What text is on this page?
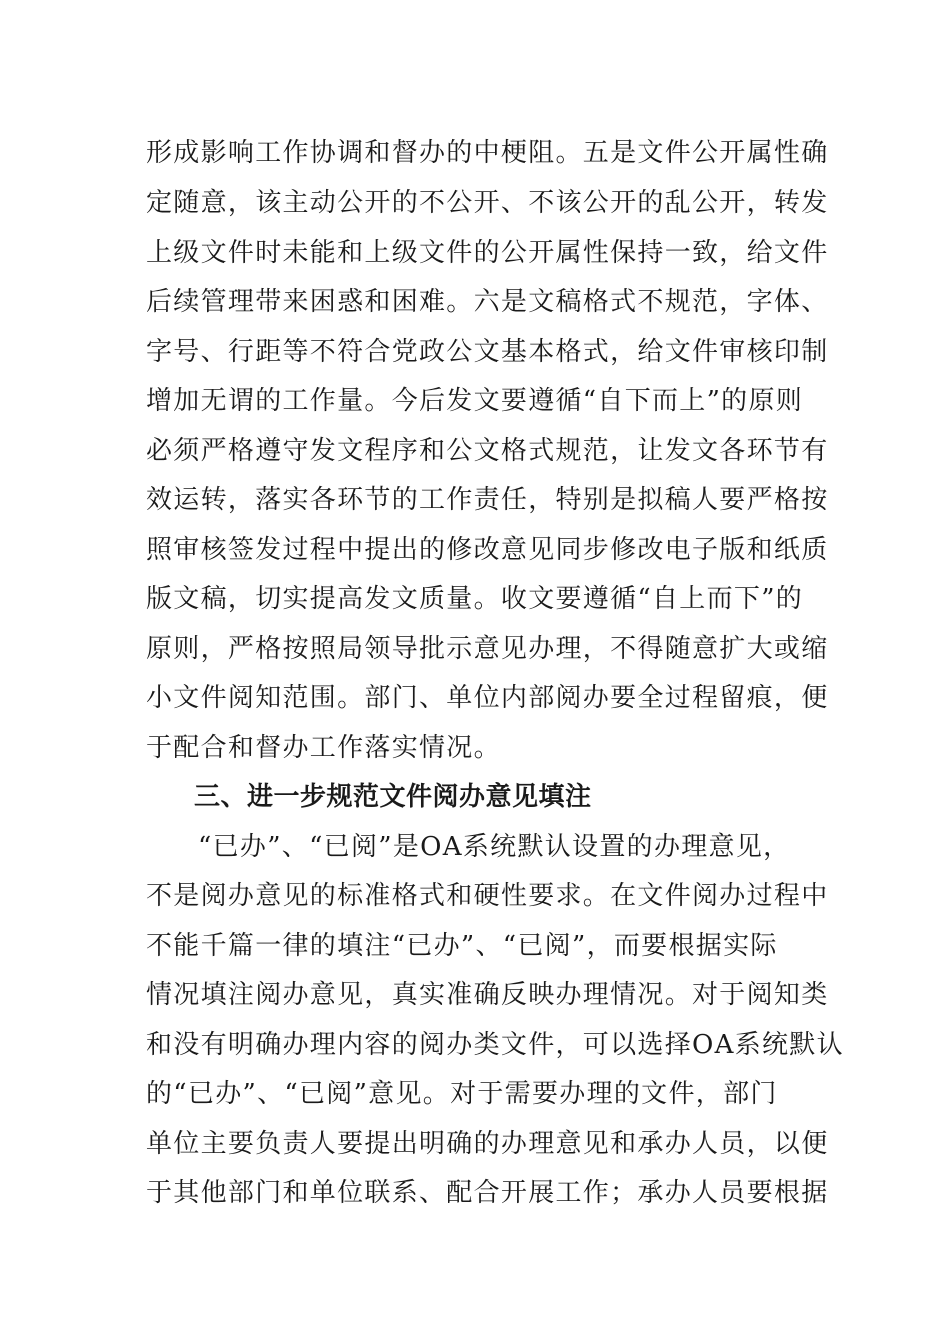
形成影响工作协调和督办的中梗阻。五是文件公开属性确
定随意，该主动公开的不公开、不该公开的乱公开，转发
上级文件时未能和上级文件的公开属性保持一致，给文件
后续管理带来困惑和困难。六是文稿格式不规范，字体、
字号、行距等不符合党政公文基本格式，给文件审核印制
增加无谓的工作量。今后发文要遵循“自下而上”的原则
必须严格遵守发文程序和公文格式规范，让发文各环节有
效运转，落实各环节的工作责任，特别是拟稿人要严格按
照审核签发过程中提出的修改意见同步修改电子版和纸质
版文稿，切实提高发文质量。收文要遵循“自上而下”的
原则，严格按照局领导批示意见办理，不得随意扩大或缩
小文件阅知范围。部门、单位内部阅办要全过程留痕，便
于配合和督办工作落实情况。
三、进一步规范文件阅办意见填注
“已办”、“已阅”是OA系统默认设置的办理意见，
不是阅办意见的标准格式和硬性要求。在文件阅办过程中
不能千篇一律的填注“已办”、“已阅”，而要根据实际
情况填注阅办意见，真实准确反映办理情况。对于阅知类
和没有明确办理内容的阅办类文件，可以选择OA系统默认
的“已办”、“已阅”意见。对于需要办理的文件，部门
单位主要负责人要提出明确的办理意见和承办人员，以便
于其他部门和单位联系、配合开展工作；承办人员要根据
